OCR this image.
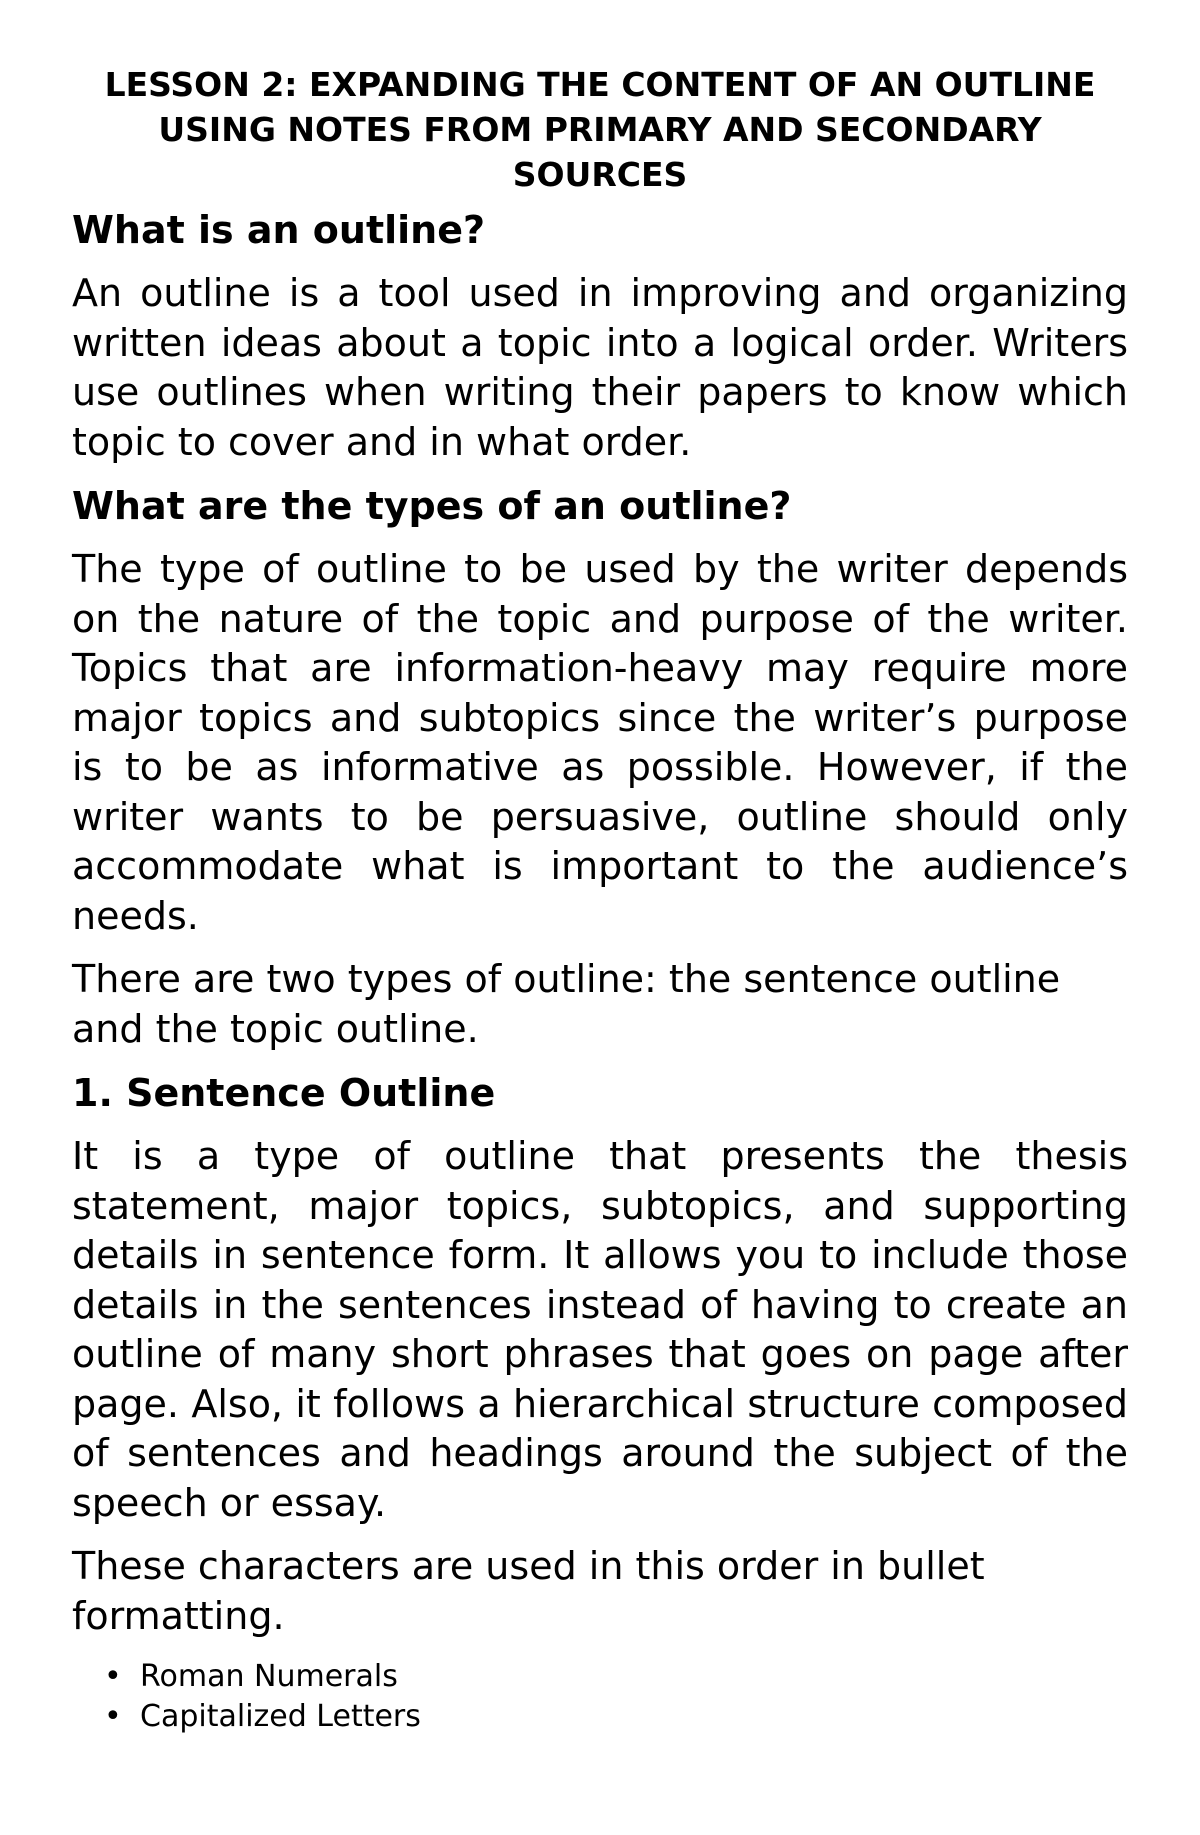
LESSON 2: EXPANDING THE CONTENT OF AN OUTLINE USING NOTES FROM PRIMARY AND SECONDARY SOURCES
What is an outline?

An outline is a tool used in improving and organizing written ideas about a topic into a logical order. Writers use outlines when writing their papers to know which topic to cover and in what order.

What are the types of an outline?

The type of outline to be used by the writer depends on the nature of the topic and purpose of the writer. Topics that are information-heavy may require more major topics and subtopics since the writer’s purpose is to be as informative as possible. However, if the writer wants to be persuasive, outline should only accommodate what is important to the audience’s needs.

There are two types of outline: the sentence outline and the topic outline.

1. Sentence Outline

It is a type of outline that presents the thesis statement, major topics, subtopics, and supporting details in sentence form. It allows you to include those details in the sentences instead of having to create an outline of many short phrases that goes on page after page. Also, it follows a hierarchical structure composed of sentences and headings around the subject of the speech or essay.

These characters are used in this order in bullet formatting.

• Roman Numerals
• Capitalized Letters
